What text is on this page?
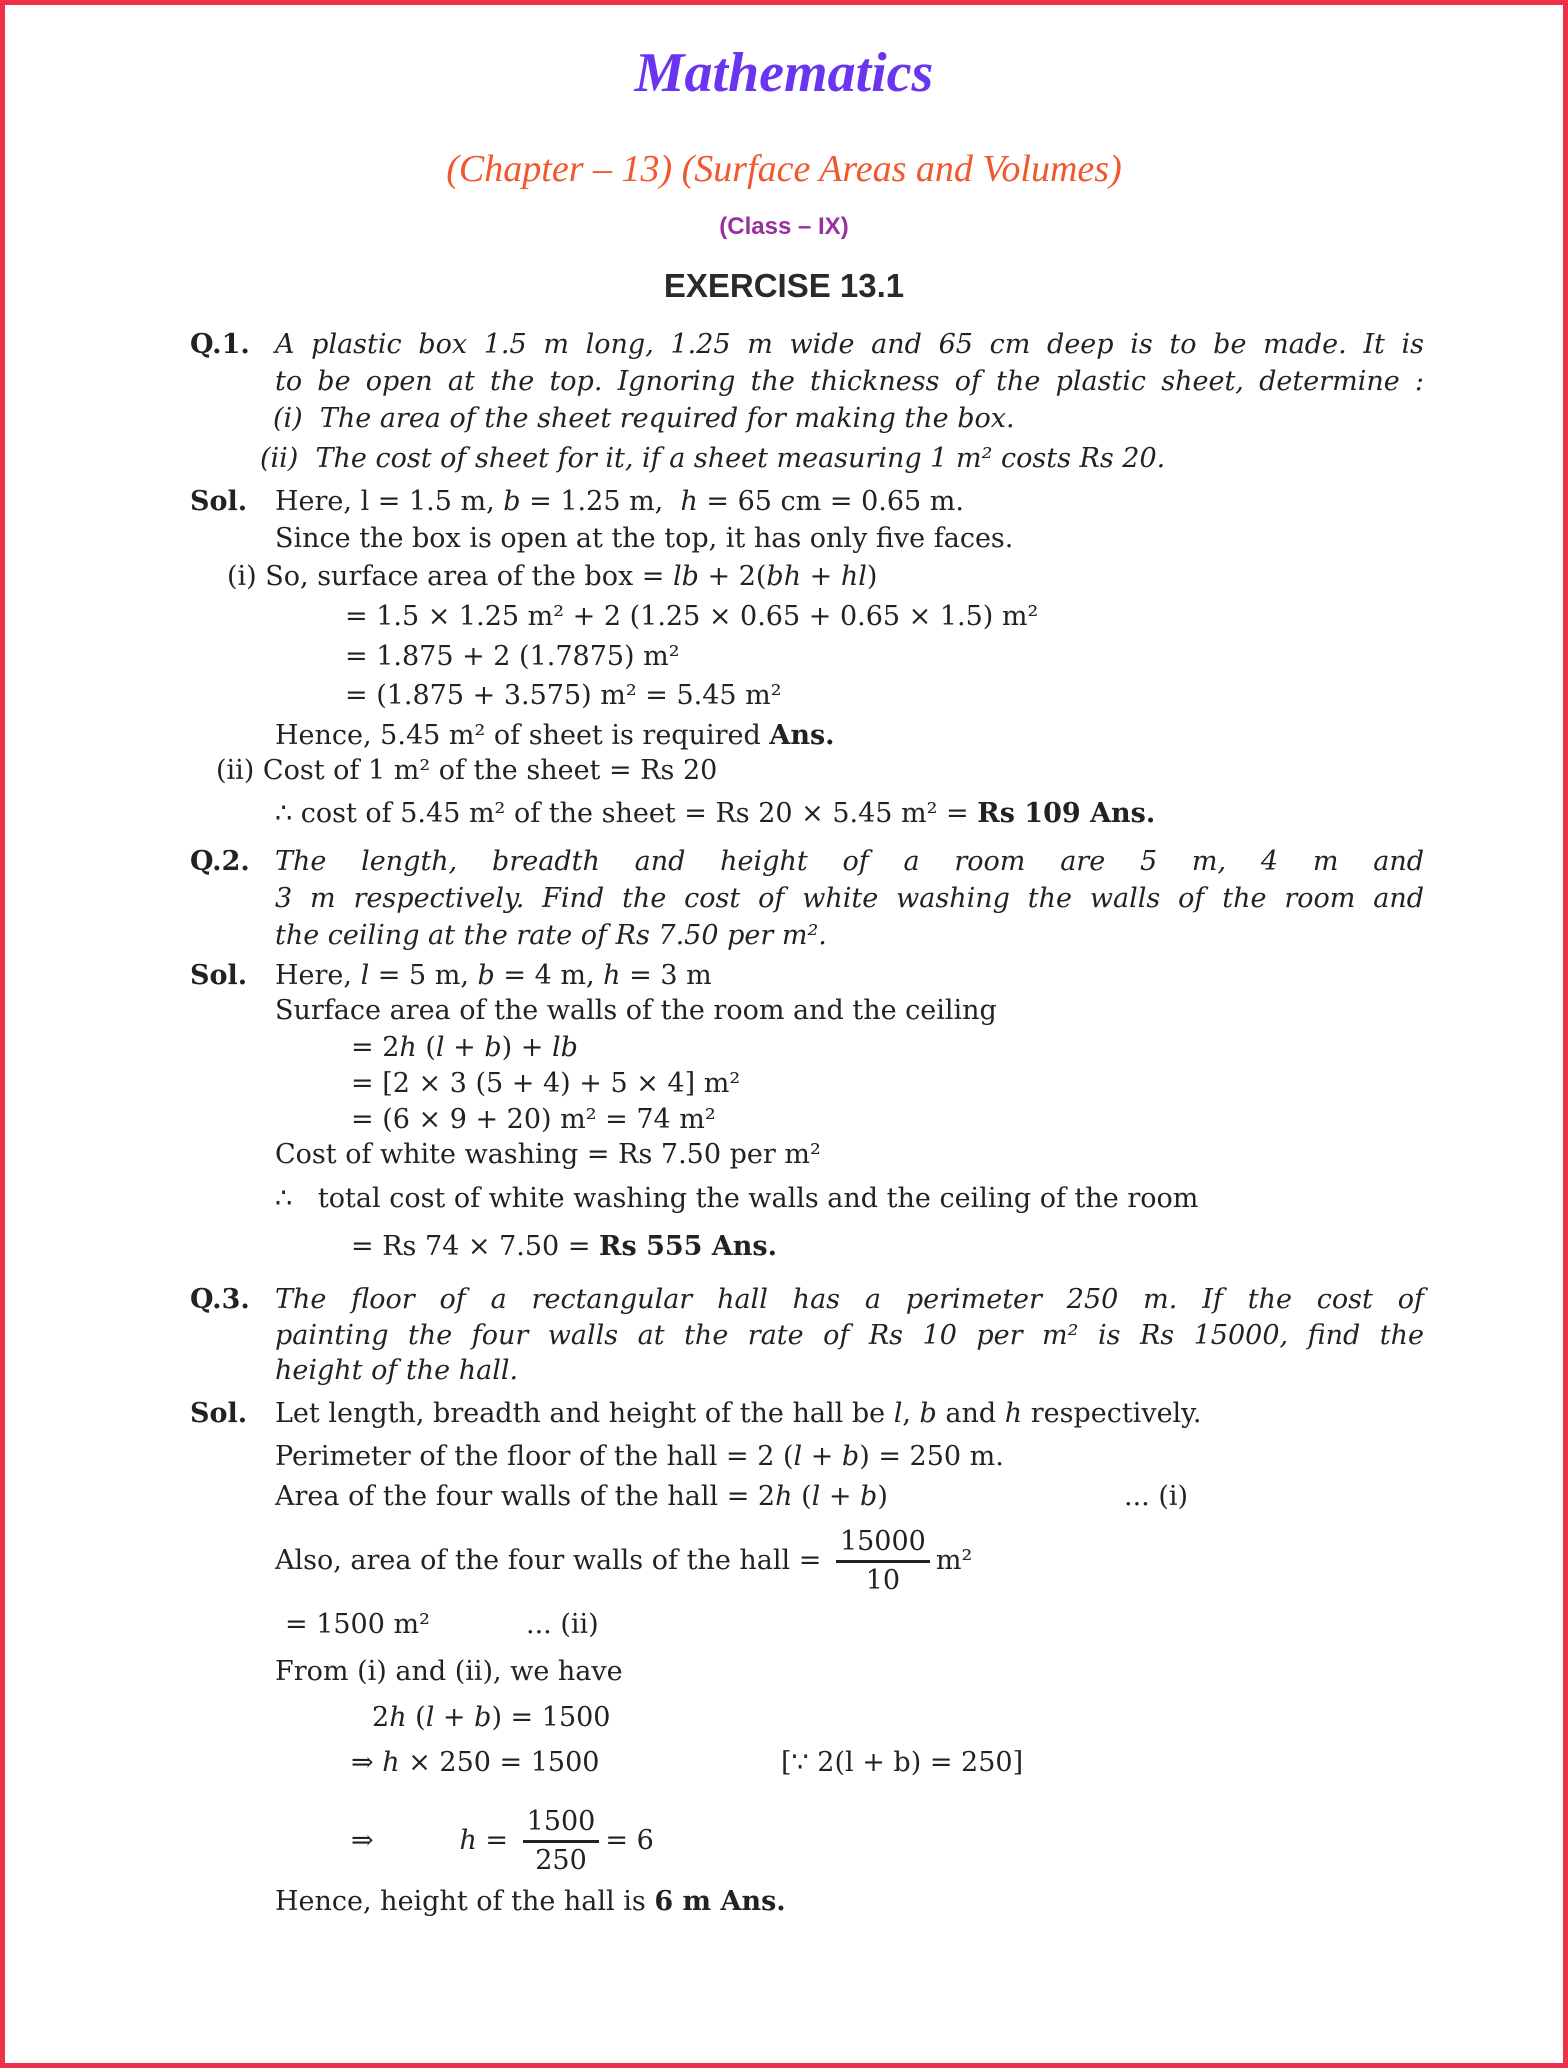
Mathematics
(Chapter – 13) (Surface Areas and Volumes)
(Class – IX)
EXERCISE 13.1
Q.1. A plastic box 1.5 m long, 1.25 m wide and 65 cm deep is to be made. It is
to be open at the top. Ignoring the thickness of the plastic sheet, determine :
(i)  The area of the sheet required for making the box.
(ii)  The cost of sheet for it, if a sheet measuring 1 m² costs Rs 20.
Sol. Here, l = 1.5 m, b = 1.25 m,  h = 65 cm = 0.65 m.
Since the box is open at the top, it has only five faces.
(i) So, surface area of the box = lb + 2(bh + hl)
= 1.5 × 1.25 m² + 2 (1.25 × 0.65 + 0.65 × 1.5) m²
= 1.875 + 2 (1.7875) m²
= (1.875 + 3.575) m² = 5.45 m²
Hence, 5.45 m² of sheet is required Ans.
(ii) Cost of 1 m² of the sheet = Rs 20
∴ cost of 5.45 m² of the sheet = Rs 20 × 5.45 m² = Rs 109 Ans.
Q.2. The length, breadth and height of a room are 5 m, 4 m and
3 m respectively. Find the cost of white washing the walls of the room and
the ceiling at the rate of Rs 7.50 per m².
Sol. Here, l = 5 m, b = 4 m, h = 3 m
Surface area of the walls of the room and the ceiling
= 2h (l + b) + lb
= [2 × 3 (5 + 4) + 5 × 4] m²
= (6 × 9 + 20) m² = 74 m²
Cost of white washing = Rs 7.50 per m²
∴   total cost of white washing the walls and the ceiling of the room
= Rs 74 × 7.50 = Rs 555 Ans.
Q.3. The floor of a rectangular hall has a perimeter 250 m. If the cost of
painting the four walls at the rate of Rs 10 per m² is Rs 15000, find the
height of the hall.
Sol. Let length, breadth and height of the hall be l, b and h respectively.
Perimeter of the floor of the hall = 2 (l + b) = 250 m.
Area of the four walls of the hall = 2h (l + b)	... (i)
Also, area of the four walls of the hall = $\frac{15000}{10} m^2$
= 1500 m²	... (ii)
From (i) and (ii), we have
2h (l + b) = 1500
⇒ h × 250 = 1500	[∵ 2(l + b) = 250]
⇒          $h = \frac{1500}{250} = 6$
Hence, height of the hall is 6 m Ans.
